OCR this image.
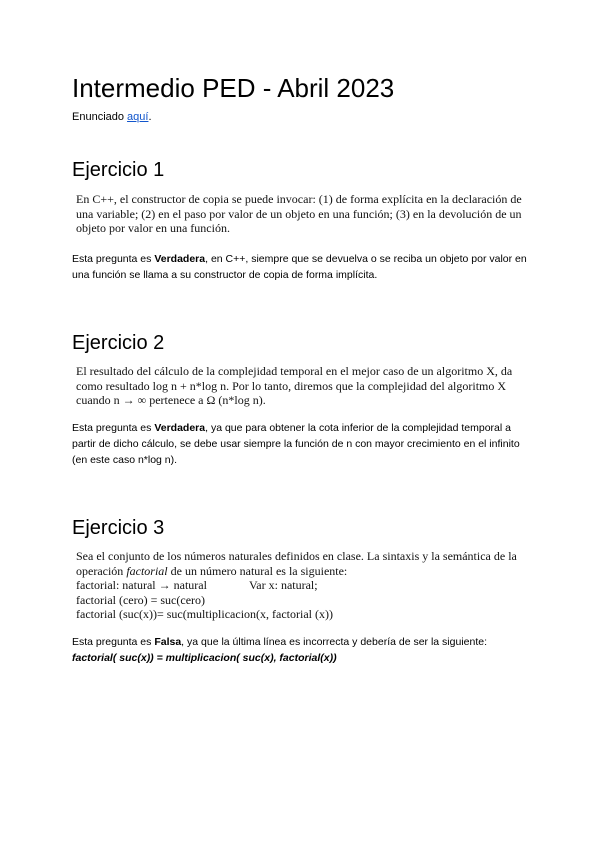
Intermedio PED - Abril 2023

Enunciado aquí.

Ejercicio 1

En C++, el constructor de copia se puede invocar: (1) de forma explícita en la declaración de una variable; (2) en el paso por valor de un objeto en una función; (3) en la devolución de un objeto por valor en una función.

Esta pregunta es Verdadera, en C++, siempre que se devuelva o se reciba un objeto por valor en una función se llama a su constructor de copia de forma implícita.

Ejercicio 2

El resultado del cálculo de la complejidad temporal en el mejor caso de un algoritmo X, da como resultado log n + n*log n. Por lo tanto, diremos que la complejidad del algoritmo X cuando n → ∞ pertenece a Ω (n*log n).

Esta pregunta es Verdadera, ya que para obtener la cota inferior de la complejidad temporal a partir de dicho cálculo, se debe usar siempre la función de n con mayor crecimiento en el infinito (en este caso n*log n).

Ejercicio 3

Sea el conjunto de los números naturales definidos en clase. La sintaxis y la semántica de la operación factorial de un número natural es la siguiente:

factorial: natural → natural	Var x: natural;
factorial (cero) = suc(cero)
factorial (suc(x))= suc(multiplicacion(x, factorial (x))

Esta pregunta es Falsa, ya que la última línea es incorrecta y debería de ser la siguiente:
factorial( suc(x)) = multiplicacion( suc(x), factorial(x))
